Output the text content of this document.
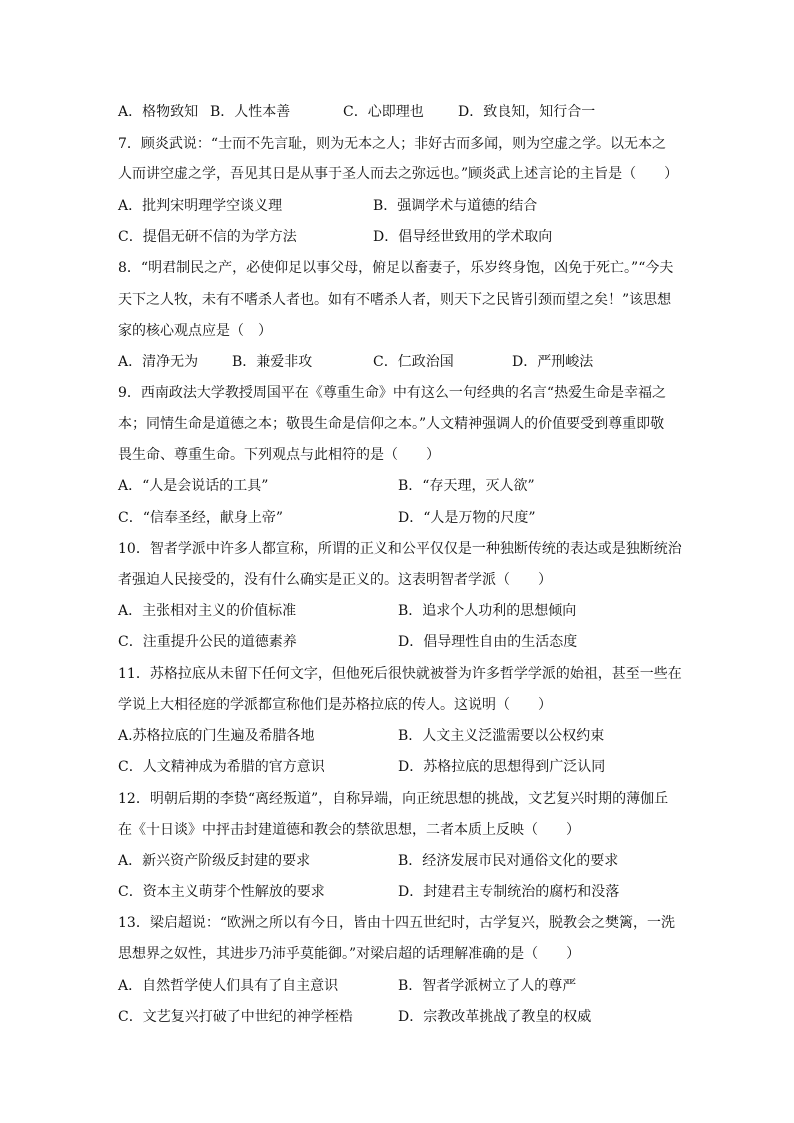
A．格物致知 B．人性本善	C．心即理也 D．致良知，知行合一
7．顾炎武说：“士而不先言耻，则为无本之人；非好古而多闻，则为空虚之学。以无本之
人而讲空虚之学，吾见其日是从事于圣人而去之弥远也。”顾炎武上述言论的主旨是（　　）
A．批判宋明理学空谈义理	B．强调学术与道德的结合
C．提倡无研不信的为学方法	D．倡导经世致用的学术取向
8．“明君制民之产，必使仰足以事父母，俯足以畜妻子，乐岁终身饱，凶免于死亡。”“今夫
天下之人牧，未有不嗜杀人者也。如有不嗜杀人者，则天下之民皆引颈而望之矣！”该思想
家的核心观点应是（　）
A．清净无为 B．兼爱非攻	C．仁政治国	D．严刑峻法
9．西南政法大学教授周国平在《尊重生命》中有这么一句经典的名言“热爱生命是幸福之
本；同情生命是道德之本；敬畏生命是信仰之本。”人文精神强调人的价值要受到尊重即敬
畏生命、尊重生命。下列观点与此相符的是（　　）
A．“人是会说话的工具”	B．“存天理，灭人欲”
C．“信奉圣经，献身上帝”	D．“人是万物的尺度”
10．智者学派中许多人都宣称，所谓的正义和公平仅仅是一种独断传统的表达或是独断统治
者强迫人民接受的，没有什么确实是正义的。这表明智者学派（　　）
A．主张相对主义的价值标准	B．追求个人功利的思想倾向
C．注重提升公民的道德素养	D．倡导理性自由的生活态度
11．苏格拉底从未留下任何文字，但他死后很快就被誉为许多哲学学派的始祖，甚至一些在
学说上大相径庭的学派都宣称他们是苏格拉底的传人。这说明（　　）
A.苏格拉底的门生遍及希腊各地	B．人文主义泛滥需要以公权约束
C．人文精神成为希腊的官方意识	D．苏格拉底的思想得到广泛认同
12．明朝后期的李贽“离经叛道”，自称异端，向正统思想的挑战，文艺复兴时期的薄伽丘
在《十日谈》中抨击封建道德和教会的禁欲思想，二者本质上反映（　　）
A．新兴资产阶级反封建的要求	B．经济发展市民对通俗文化的要求
C．资本主义萌芽个性解放的要求	D．封建君主专制统治的腐朽和没落
13．梁启超说：“欧洲之所以有今日，皆由十四五世纪时，古学复兴，脱教会之樊篱，一洗
思想界之奴性，其进步乃沛乎莫能御。”对梁启超的话理解准确的是（　　）
A．自然哲学使人们具有了自主意识	B．智者学派树立了人的尊严
C．文艺复兴打破了中世纪的神学桎梏	D．宗教改革挑战了教皇的权威
